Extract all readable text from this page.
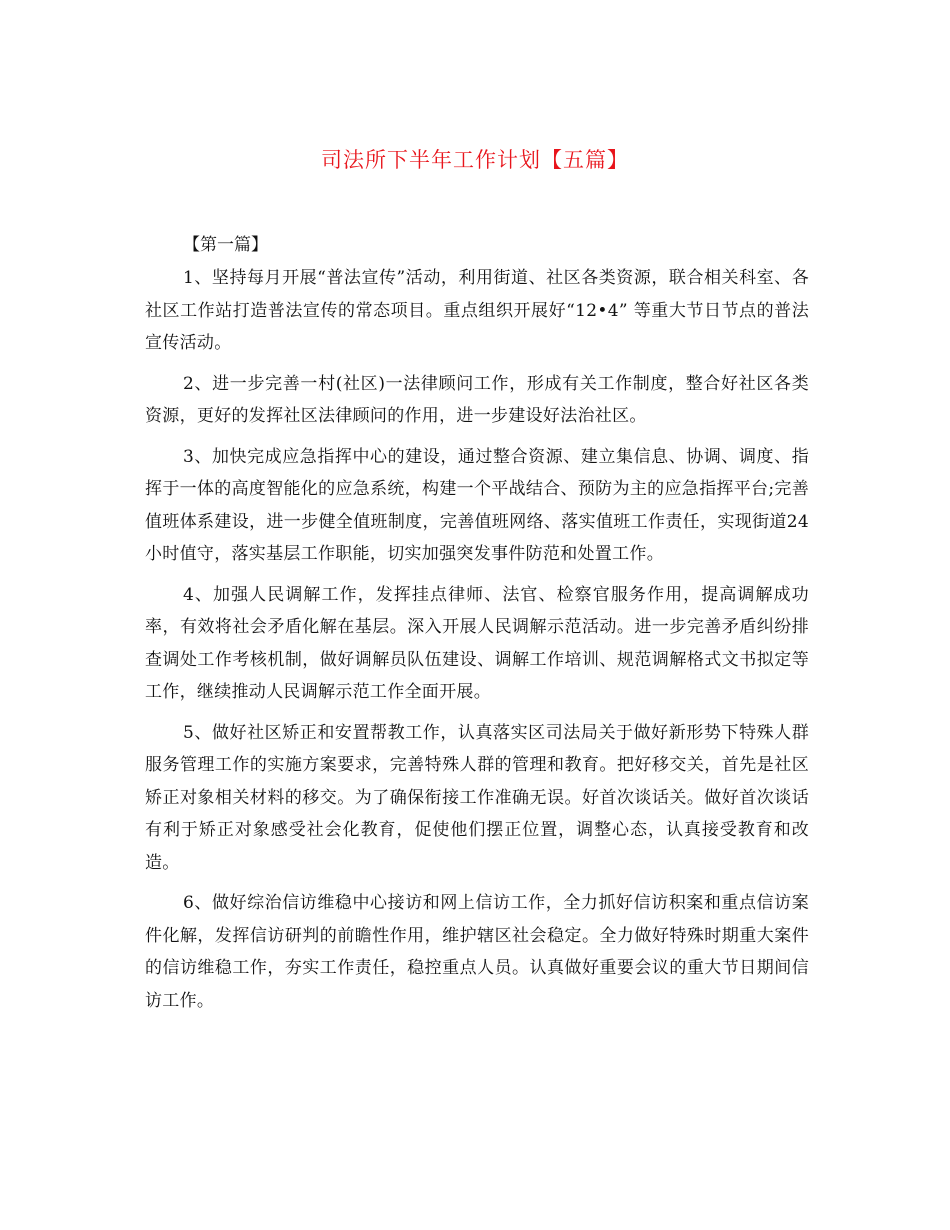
司法所下半年工作计划【五篇】
【第一篇】

1、坚持每月开展“普法宣传”活动，利用街道、社区各类资源，联合相关科室、各社区工作站打造普法宣传的常态项目。重点组织开展好“12•4” 等重大节日节点的普法宣传活动。

2、进一步完善一村(社区)一法律顾问工作，形成有关工作制度，整合好社区各类资源，更好的发挥社区法律顾问的作用，进一步建设好法治社区。

3、加快完成应急指挥中心的建设，通过整合资源、建立集信息、协调、调度、指挥于一体的高度智能化的应急系统，构建一个平战结合、预防为主的应急指挥平台;完善值班体系建设，进一步健全值班制度，完善值班网络、落实值班工作责任，实现街道24小时值守，落实基层工作职能，切实加强突发事件防范和处置工作。

4、加强人民调解工作，发挥挂点律师、法官、检察官服务作用，提高调解成功率，有效将社会矛盾化解在基层。深入开展人民调解示范活动。进一步完善矛盾纠纷排查调处工作考核机制，做好调解员队伍建设、调解工作培训、规范调解格式文书拟定等工作，继续推动人民调解示范工作全面开展。

5、做好社区矫正和安置帮教工作，认真落实区司法局关于做好新形势下特殊人群服务管理工作的实施方案要求，完善特殊人群的管理和教育。把好移交关，首先是社区矫正对象相关材料的移交。为了确保衔接工作准确无误。好首次谈话关。做好首次谈话有利于矫正对象感受社会化教育，促使他们摆正位置，调整心态，认真接受教育和改造。

6、做好综治信访维稳中心接访和网上信访工作，全力抓好信访积案和重点信访案件化解，发挥信访研判的前瞻性作用，维护辖区社会稳定。全力做好特殊时期重大案件的信访维稳工作，夯实工作责任，稳控重点人员。认真做好重要会议的重大节日期间信访工作。
